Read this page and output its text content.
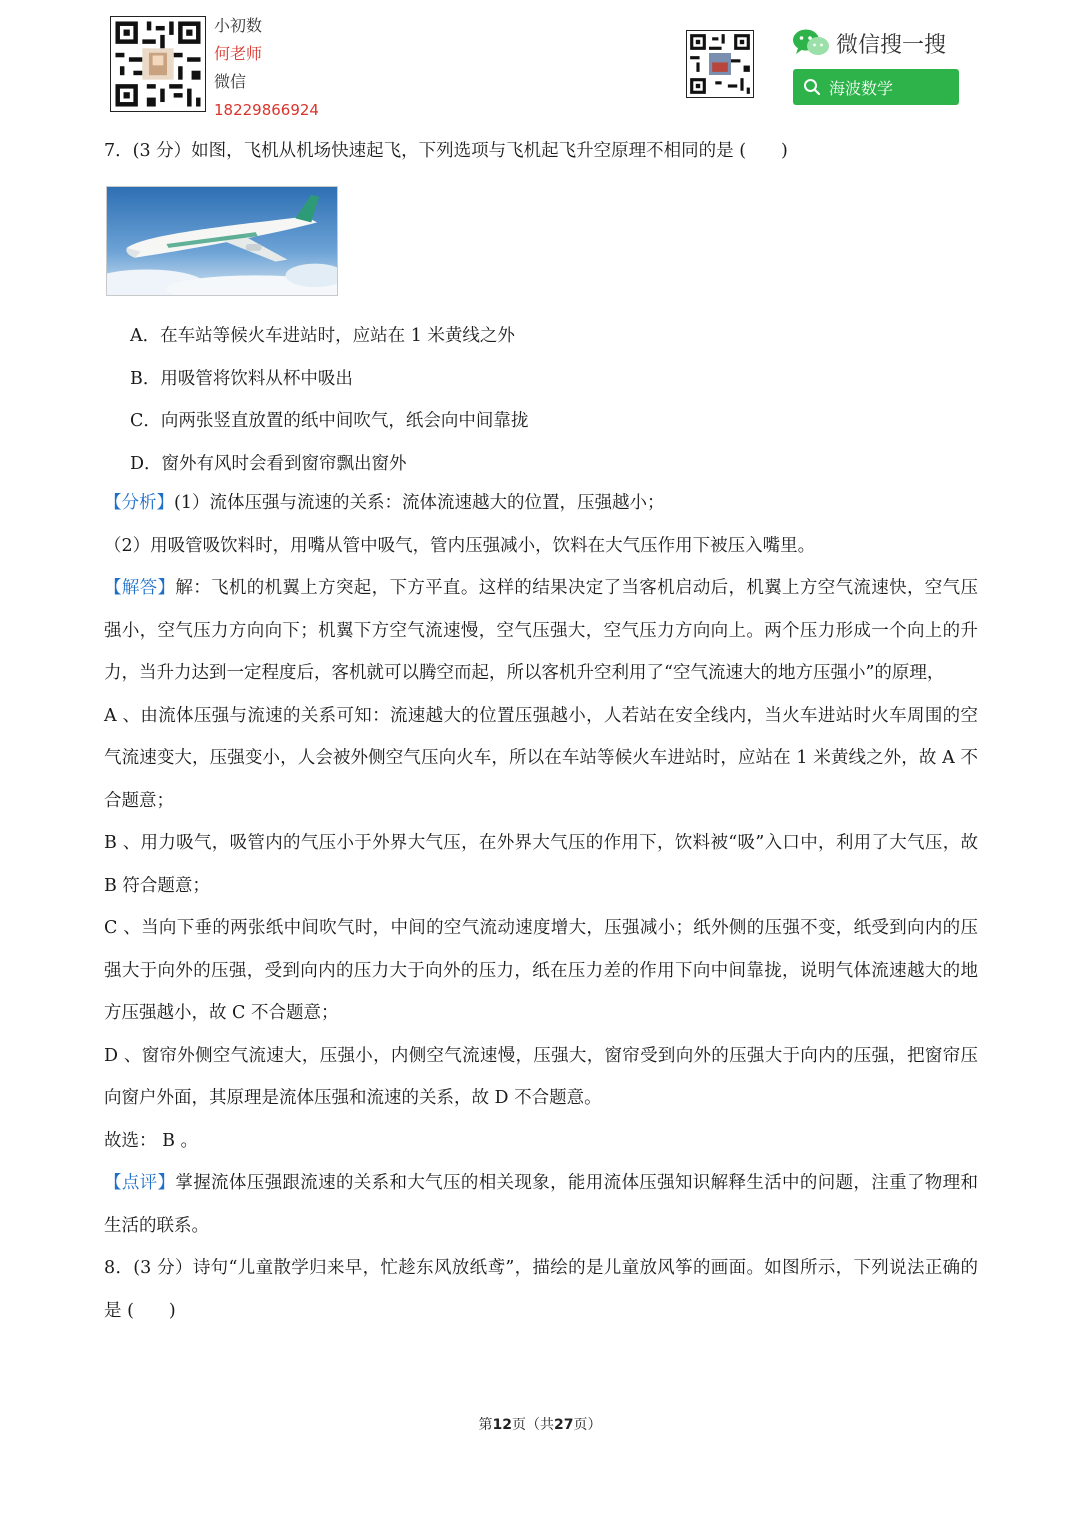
小初数
何老师
微信
18229866924
微信搜一搜
海波数学
7．(3 分）如图，飞机从机场快速起飞，下列选项与飞机起飞升空原理不相同的是 (　　)
A．在车站等候火车进站时，应站在 1 米黄线之外
B．用吸管将饮料从杯中吸出
C．向两张竖直放置的纸中间吹气，纸会向中间靠拢
D．窗外有风时会看到窗帘飘出窗外

【分析】(1）流体压强与流速的关系：流体流速越大的位置，压强越小；

（2）用吸管吸饮料时，用嘴从管中吸气，管内压强减小，饮料在大气压作用下被压入嘴里。

【解答】解：飞机的机翼上方突起，下方平直。这样的结果决定了当客机启动后，机翼上方空气流速快，空气压强小，空气压力方向向下；机翼下方空气流速慢，空气压强大，空气压力方向向上。两个压力形成一个向上的升力，当升力达到一定程度后，客机就可以腾空而起，所以客机升空利用了“空气流速大的地方压强小”的原理，

A 、由流体压强与流速的关系可知：流速越大的位置压强越小，人若站在安全线内，当火车进站时火车周围的空气流速变大，压强变小，人会被外侧空气压向火车，所以在车站等候火车进站时，应站在 1 米黄线之外，故 A 不合题意；

B 、用力吸气，吸管内的气压小于外界大气压，在外界大气压的作用下，饮料被“吸”入口中，利用了大气压，故 B 符合题意；

C 、当向下垂的两张纸中间吹气时，中间的空气流动速度增大，压强减小；纸外侧的压强不变，纸受到向内的压强大于向外的压强，受到向内的压力大于向外的压力，纸在压力差的作用下向中间靠拢，说明气体流速越大的地方压强越小，故 C 不合题意；

D 、窗帘外侧空气流速大，压强小，内侧空气流速慢，压强大，窗帘受到向外的压强大于向内的压强，把窗帘压向窗户外面，其原理是流体压强和流速的关系，故 D 不合题意。

故选： B 。

【点评】掌握流体压强跟流速的关系和大气压的相关现象，能用流体压强知识解释生活中的问题，注重了物理和生活的联系。

8．(3 分）诗句“儿童散学归来早，忙趁东风放纸鸢”，描绘的是儿童放风筝的画面。如图所示，下列说法正确的是 (　　)

第12页（共27页）
